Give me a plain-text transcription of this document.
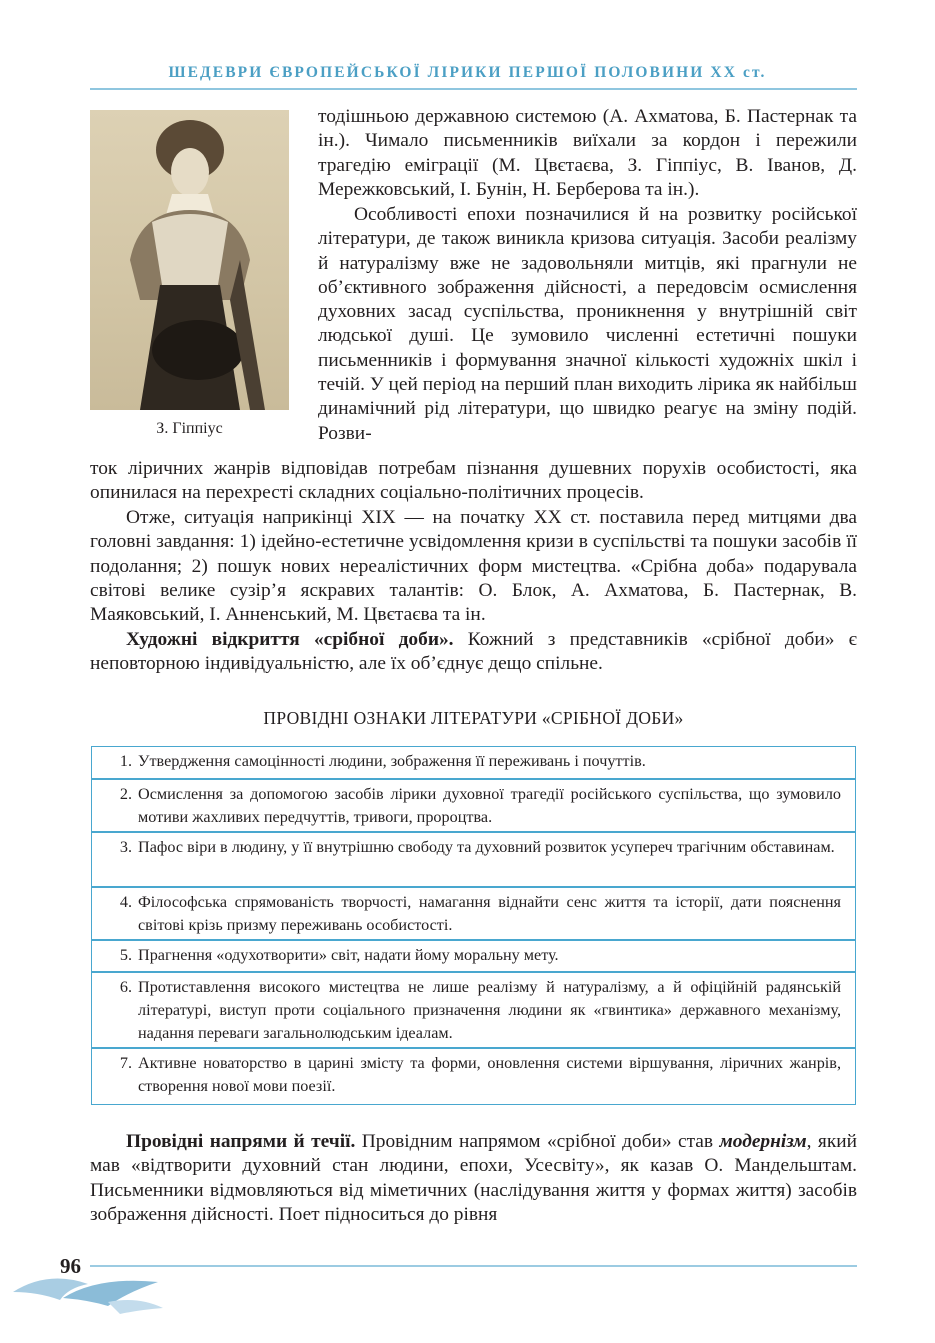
ШЕДЕВРИ ЄВРОПЕЙСЬКОЇ ЛІРИКИ ПЕРШОЇ ПОЛОВИНИ XX ст.
З. Гіппіус

тодішньою державною системою (А. Ахматова, Б. Пастернак та ін.). Чимало письменників виїхали за кордон і пережили трагедію еміграції (М. Цвєтаєва, З. Гіппіус, В. Іванов, Д. Мережковський, І. Бунін, Н. Берберова та ін.).

Особливості епохи позначилися й на розвитку російської літератури, де також виникла кризова ситуація. Засоби реалізму й натуралізму вже не задовольняли митців, які прагнули не об’єктивного зображення дійсності, а передовсім осмислення духовних засад суспільства, проникнення у внутрішній світ людської душі. Це зумовило численні естетичні пошуки письменників і формування значної кількості художніх шкіл і течій. У цей період на перший план виходить лірика як найбільш динамічний рід літератури, що швидко реагує на зміну подій. Розви-

ток ліричних жанрів відповідав потребам пізнання душевних порухів особистості, яка опинилася на перехресті складних соціально-політичних процесів.

Отже, ситуація наприкінці XIX — на початку XX ст. поставила перед митцями два головні завдання: 1) ідейно-естетичне усвідомлення кризи в суспільстві та пошуки засобів її подолання; 2) пошук нових нереалістичних форм мистецтва. «Срібна доба» подарувала світові велике сузір’я яскравих талантів: О. Блок, А. Ахматова, Б. Пастернак, В. Маяковський, І. Анненський, М. Цвєтаєва та ін.

Художні відкриття «срібної доби». Кожний з представників «срібної доби» є неповторною індивідуальністю, але їх об’єднує дещо спільне.

ПРОВІДНІ ОЗНАКИ ЛІТЕРАТУРИ «СРІБНОЇ ДОБИ»
1. Утвердження самоцінності людини, зображення її переживань і почуттів.
2. Осмислення за допомогою засобів лірики духовної трагедії російського суспільства, що зумовило мотиви жахливих передчуттів, тривоги, пророцтва.
3. Пафос віри в людину, у її внутрішню свободу та духовний розвиток усупереч трагічним обставинам.
4. Філософська спрямованість творчості, намагання віднайти сенс життя та історії, дати пояснення світові крізь призму переживань особистості.
5. Прагнення «одухотворити» світ, надати йому моральну мету.
6. Протиставлення високого мистецтва не лише реалізму й натуралізму, а й офіційній радянській літературі, виступ проти соціального призначення людини як «гвинтика» державного механізму, надання переваги загальнолюдським ідеалам.
7. Активне новаторство в царині змісту та форми, оновлення системи віршування, ліричних жанрів, створення нової мови поезії.

Провідні напрями й течії. Провідним напрямом «срібної доби» став модернізм, який мав «відтворити духовний стан людини, епохи, Усесвіту», як казав О. Мандельштам. Письменники відмовляються від міметичних (наслідування життя у формах життя) засобів зображення дійсності. Поет підноситься до рівня

96
